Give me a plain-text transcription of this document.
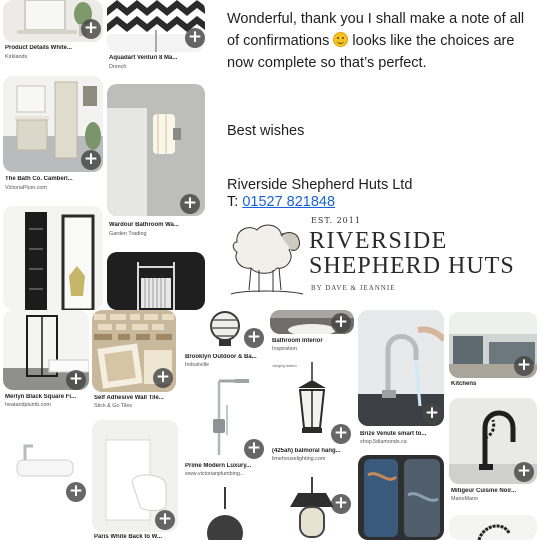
+
Product Details White...
Kirklands
+
Aquadart Venturi 8 Ma...
Drench
+
The Bath Co. Camberl...
VictoriaPlum.com
+
Wardour Bathroom Wa...
Garden Trading

Wonderful, thank you I shall make a note of all

of confirmations looks like the choices are

now complete so that’s perfect.

Best wishes

Riverside Shepherd Huts Ltd

T: 01527 821848

EST. 2011
RIVERSIDE
SHEPHERD HUTS
BY DAVE & JEANNIE
+
Merlyn Black Square Fi...
heatandplumb.com
+
Self Adhesive Wall Tile...
Stick & Go Tiles
+
Brooklyn Outdoor & Ba...
Industville
+
Bathroom Interior
Inspiration
+
Brize Venute smart to...
shop.5diamonds.ca
+
Kitchens
+
Prime Modern Luxury...
www.victorianplumbing...
Hanging lantern
+
(425ah) balmoral hang...
limehouselighting.com
+
Mitigeur Cuisine Noir...
ManoMano
+
+
Paris White Back to W...
+
